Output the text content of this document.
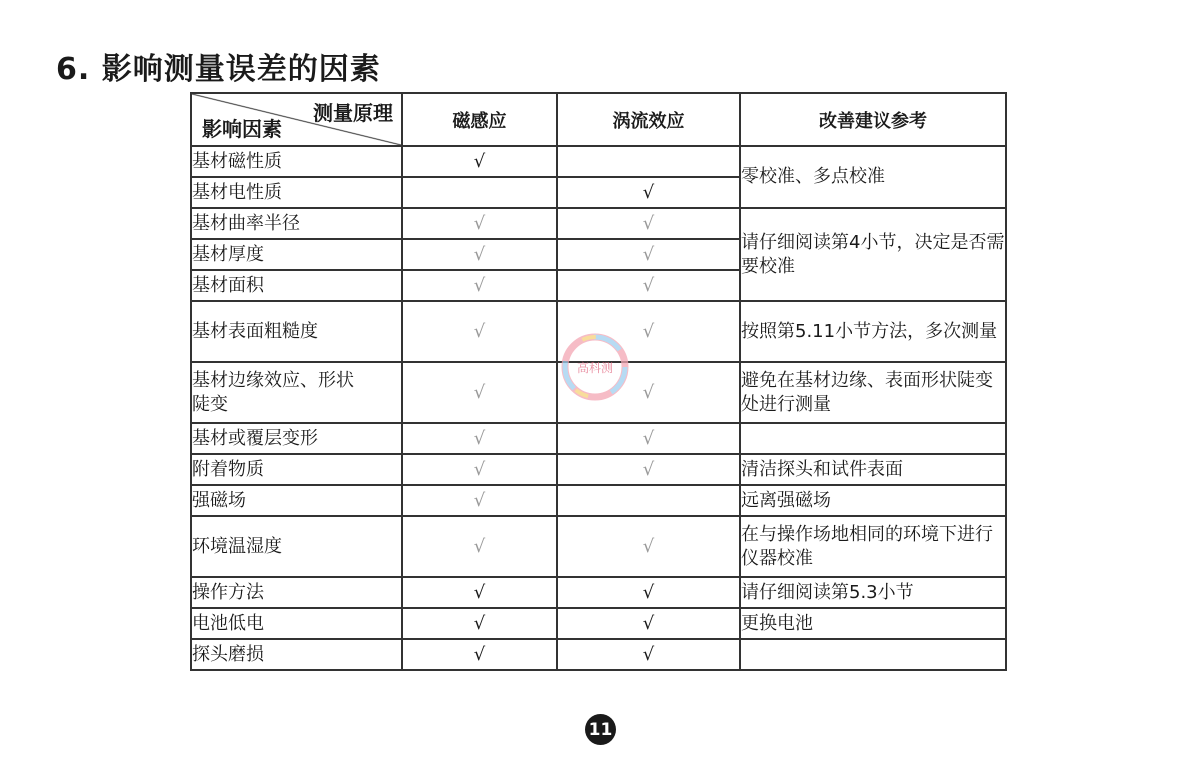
6. 影响测量误差的因素
测量原理
影响因素	磁感应	涡流效应	改善建议参考
基材磁性质	√		零校准、多点校准
基材电性质		√	
基材曲率半径	√	√	请仔细阅读第4小节，决定是否需要校准
基材厚度	√	√	
基材面积	√	√	
基材表面粗糙度	√	√	按照第5.11小节方法，多次测量
基材边缘效应、形状陡变	√	√	避免在基材边缘、表面形状陡变处进行测量
基材或覆层变形	√	√	
附着物质	√	√	清洁探头和试件表面
强磁场	√		远离强磁场
环境温湿度	√	√	在与操作场地相同的环境下进行仪器校准
操作方法	√	√	请仔细阅读第5.3小节
电池低电	√	√	更换电池
探头磨损	√	√	
高科测
11
